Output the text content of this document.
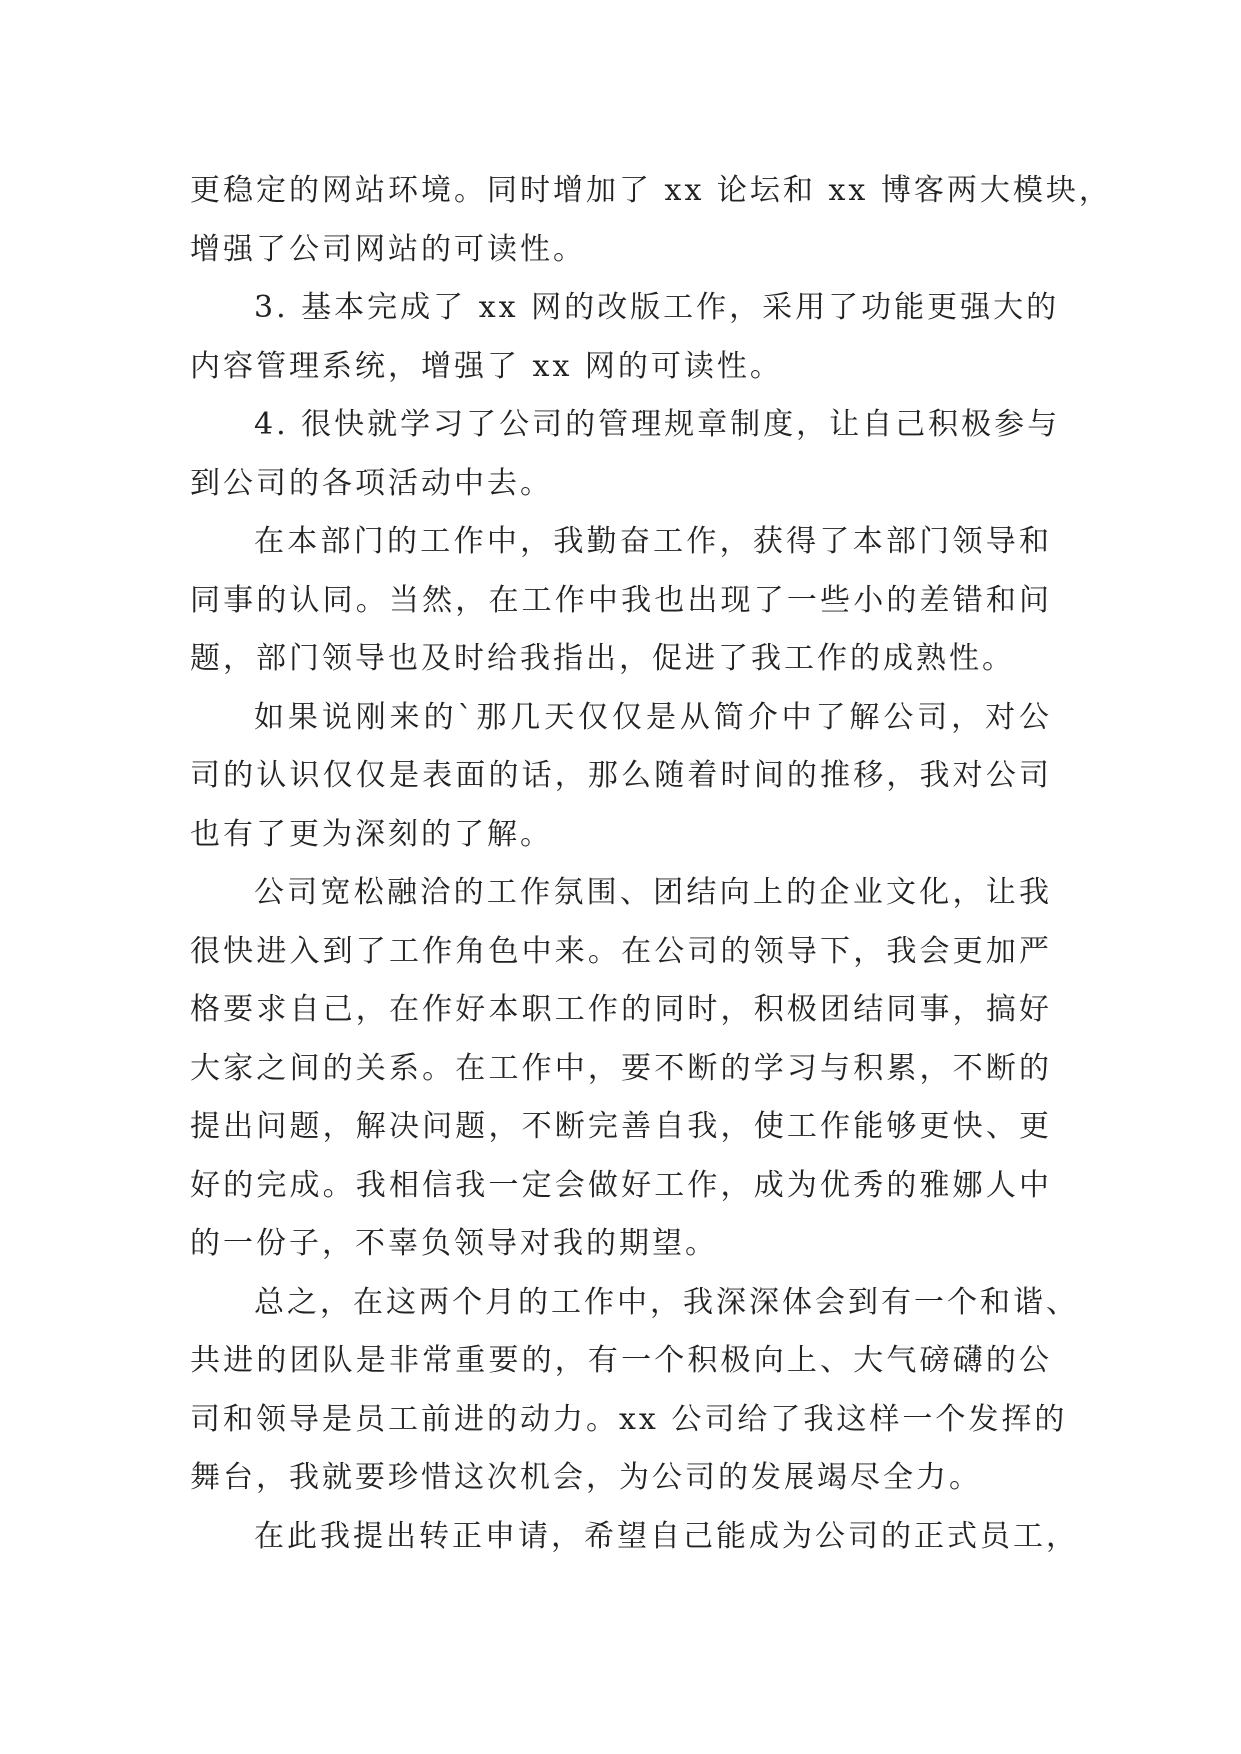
更稳定的网站环境。同时增加了 xx 论坛和 xx 博客两大模块，
增强了公司网站的可读性。
3. 基本完成了 xx 网的改版工作，采用了功能更强大的
内容管理系统，增强了 xx 网的可读性。
4. 很快就学习了公司的管理规章制度，让自己积极参与
到公司的各项活动中去。
在本部门的工作中，我勤奋工作，获得了本部门领导和
同事的认同。当然，在工作中我也出现了一些小的差错和问
题，部门领导也及时给我指出，促进了我工作的成熟性。
如果说刚来的`那几天仅仅是从简介中了解公司，对公
司的认识仅仅是表面的话，那么随着时间的推移，我对公司
也有了更为深刻的了解。
公司宽松融洽的工作氛围、团结向上的企业文化，让我
很快进入到了工作角色中来。在公司的领导下，我会更加严
格要求自己，在作好本职工作的同时，积极团结同事，搞好
大家之间的关系。在工作中，要不断的学习与积累，不断的
提出问题，解决问题，不断完善自我，使工作能够更快、更
好的完成。我相信我一定会做好工作，成为优秀的雅娜人中
的一份子，不辜负领导对我的期望。
总之，在这两个月的工作中，我深深体会到有一个和谐、
共进的团队是非常重要的，有一个积极向上、大气磅礴的公
司和领导是员工前进的动力。xx 公司给了我这样一个发挥的
舞台，我就要珍惜这次机会，为公司的发展竭尽全力。
在此我提出转正申请，希望自己能成为公司的正式员工，
